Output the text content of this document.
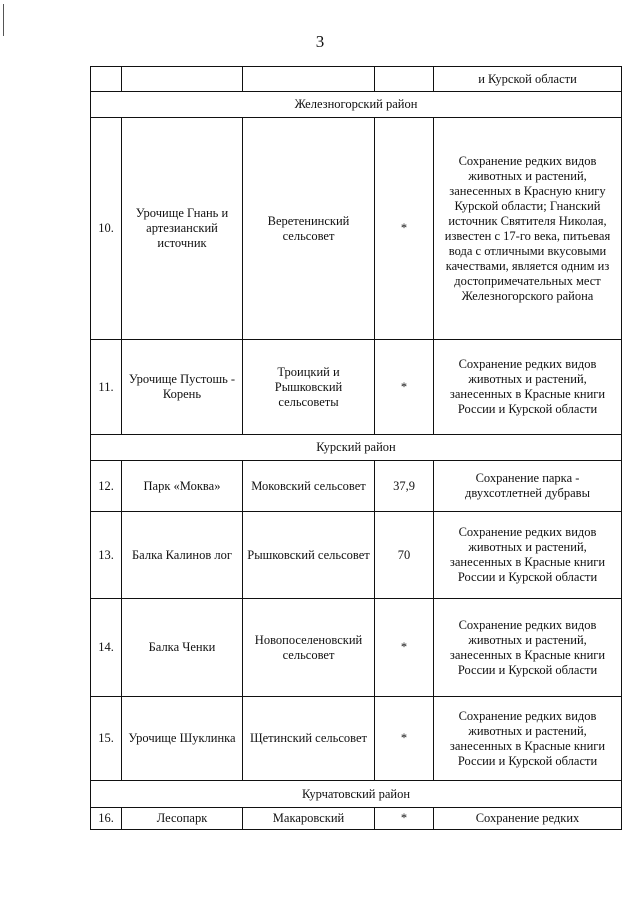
3
				и Курской области
Железногорский район				
10.	Урочище Гнань и артезианский источник	Веретенинский сельсовет	*	Сохранение редких видов животных и растений, занесенных в Красную книгу Курской области; Гнанский источник Святителя Николая, известен с 17-го века, питьевая вода с отличными вкусовыми качествами, является одним из достопримечательных мест Железногорского района
11.	Урочище Пустошь - Корень	Троицкий и Рышковский сельсоветы	*	Сохранение редких видов животных и растений, занесенных в Красные книги России и Курской области
Курский район				
12.	Парк «Моква»	Моковский сельсовет	37,9	Сохранение парка - двухсотлетней дубравы
13.	Балка Калинов лог	Рышковский сельсовет	70	Сохранение редких видов животных и растений, занесенных в Красные книги России и Курской области
14.	Балка Ченки	Новопоселеновский сельсовет	*	Сохранение редких видов животных и растений, занесенных в Красные книги России и Курской области
15.	Урочище Шуклинка	Щетинский сельсовет	*	Сохранение редких видов животных и растений, занесенных в Красные книги России и Курской области
Курчатовский район				
16.	Лесопарк	Макаровский	*	Сохранение редких
